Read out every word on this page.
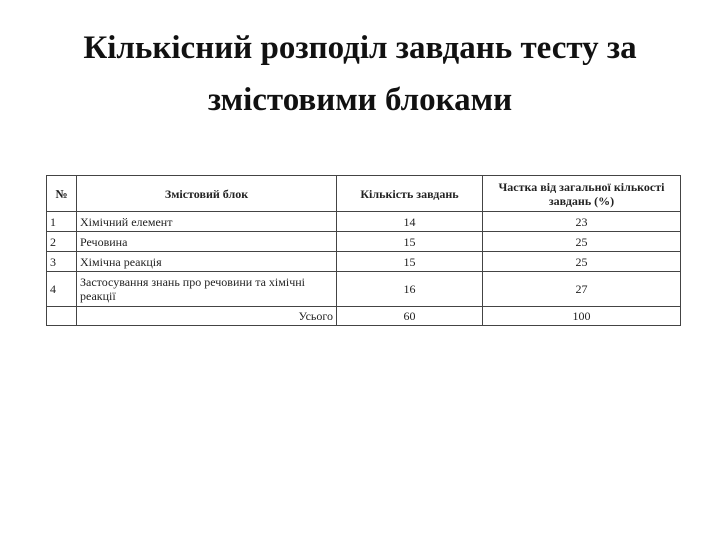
Кількісний розподіл завдань тесту за
змістовими блоками
№	Змістовий блок	Кількість завдань	Частка від загальної кількості завдань (%)
1	Хімічний елемент	14	23
2	Речовина	15	25
3	Хімічна реакція	15	25
4	Застосування знань про речовини та хімічні реакції	16	27
	Усього	60	100
